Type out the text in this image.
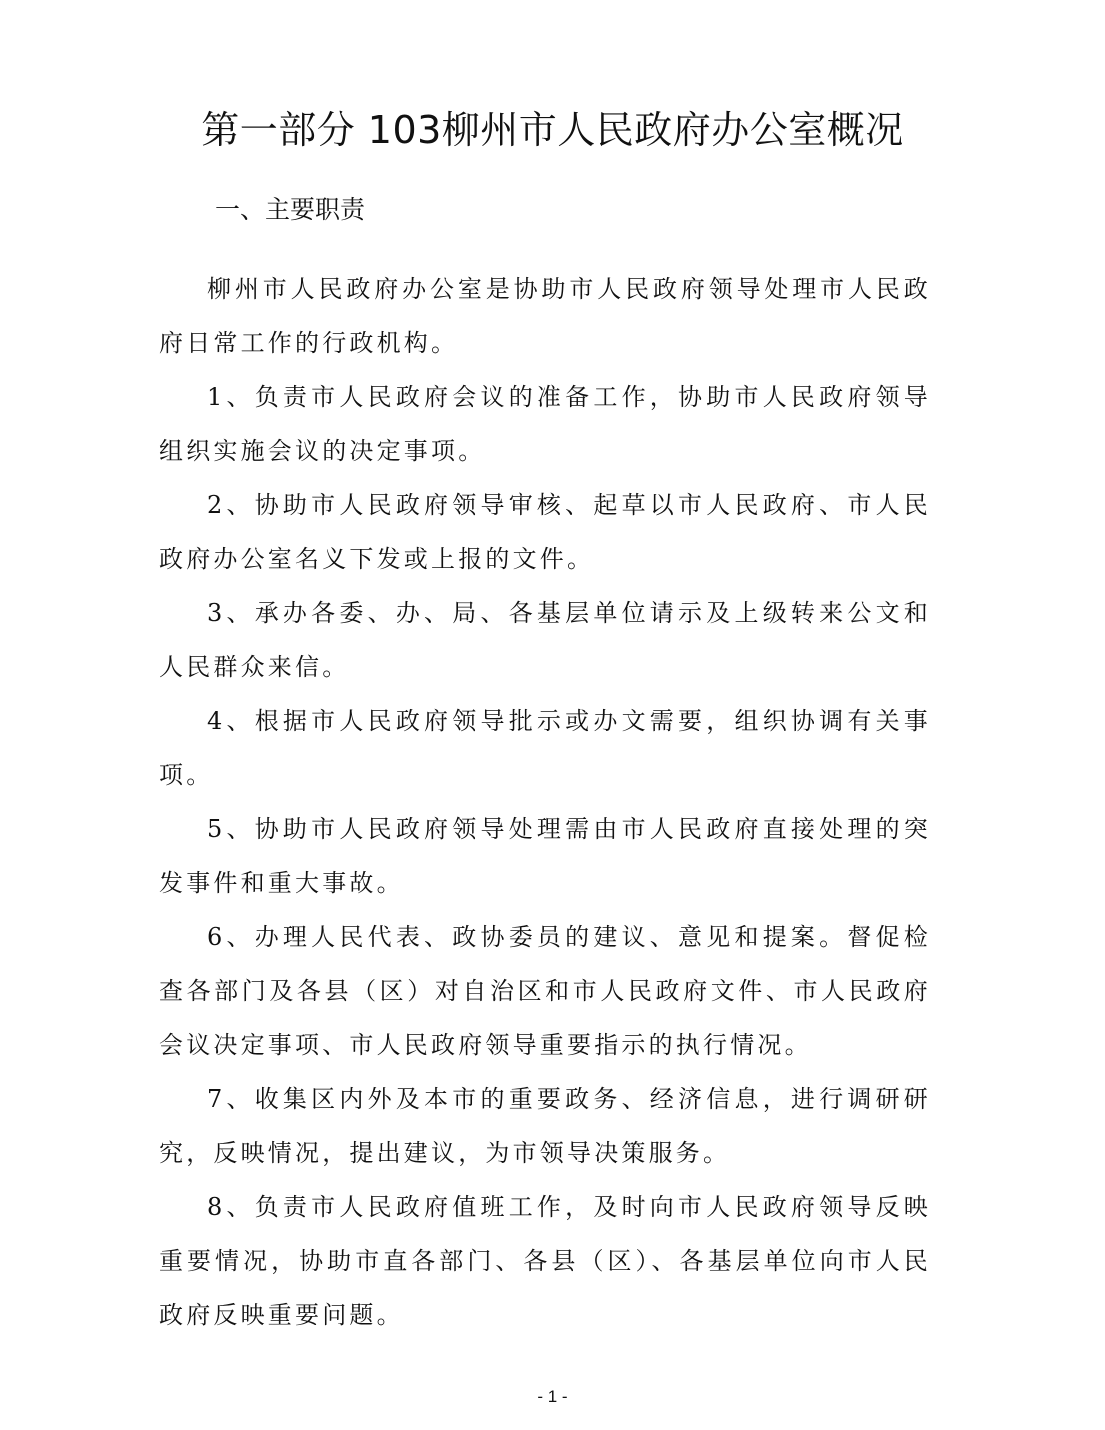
第一部分 103柳州市人民政府办公室概况
一、主要职责

柳州市人民政府办公室是协助市人民政府领导处理市人民政府日常工作的行政机构。

1、负责市人民政府会议的准备工作，协助市人民政府领导组织实施会议的决定事项。

2、协助市人民政府领导审核、起草以市人民政府、市人民政府办公室名义下发或上报的文件。

3、承办各委、办、局、各基层单位请示及上级转来公文和人民群众来信。

4、根据市人民政府领导批示或办文需要，组织协调有关事项。

5、协助市人民政府领导处理需由市人民政府直接处理的突发事件和重大事故。

6、办理人民代表、政协委员的建议、意见和提案。督促检查各部门及各县（区）对自治区和市人民政府文件、市人民政府会议决定事项、市人民政府领导重要指示的执行情况。

7、收集区内外及本市的重要政务、经济信息，进行调研研究，反映情况，提出建议，为市领导决策服务。

8、负责市人民政府值班工作，及时向市人民政府领导反映重要情况，协助市直各部门、各县（区）、各基层单位向市人民政府反映重要问题。

- 1 -
